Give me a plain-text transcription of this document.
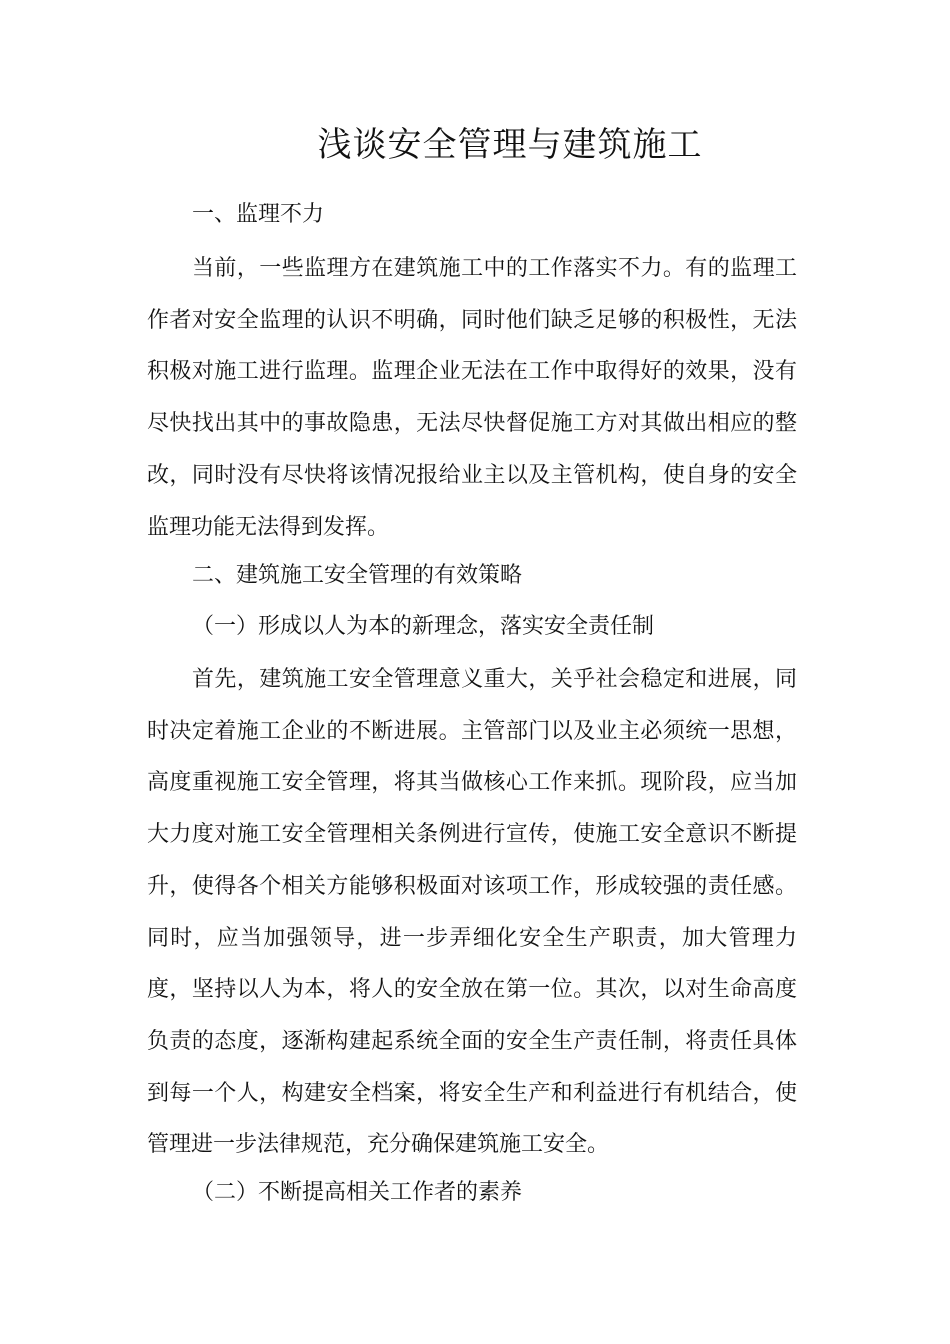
浅谈安全管理与建筑施工
一、监理不力

当前，一些监理方在建筑施工中的工作落实不力。有的监理工作者对安全监理的认识不明确，同时他们缺乏足够的积极性，无法积极对施工进行监理。监理企业无法在工作中取得好的效果，没有尽快找出其中的事故隐患，无法尽快督促施工方对其做出相应的整改，同时没有尽快将该情况报给业主以及主管机构，使自身的安全监理功能无法得到发挥。

二、建筑施工安全管理的有效策略
（一）形成以人为本的新理念，落实安全责任制

首先，建筑施工安全管理意义重大，关乎社会稳定和进展，同时决定着施工企业的不断进展。主管部门以及业主必须统一思想，高度重视施工安全管理，将其当做核心工作来抓。现阶段，应当加大力度对施工安全管理相关条例进行宣传，使施工安全意识不断提升，使得各个相关方能够积极面对该项工作，形成较强的责任感。同时，应当加强领导，进一步弄细化安全生产职责，加大管理力度，坚持以人为本，将人的安全放在第一位。其次，以对生命高度负责的态度，逐渐构建起系统全面的安全生产责任制，将责任具体到每一个人，构建安全档案，将安全生产和利益进行有机结合，使管理进一步法律规范，充分确保建筑施工安全。

（二）不断提高相关工作者的素养
